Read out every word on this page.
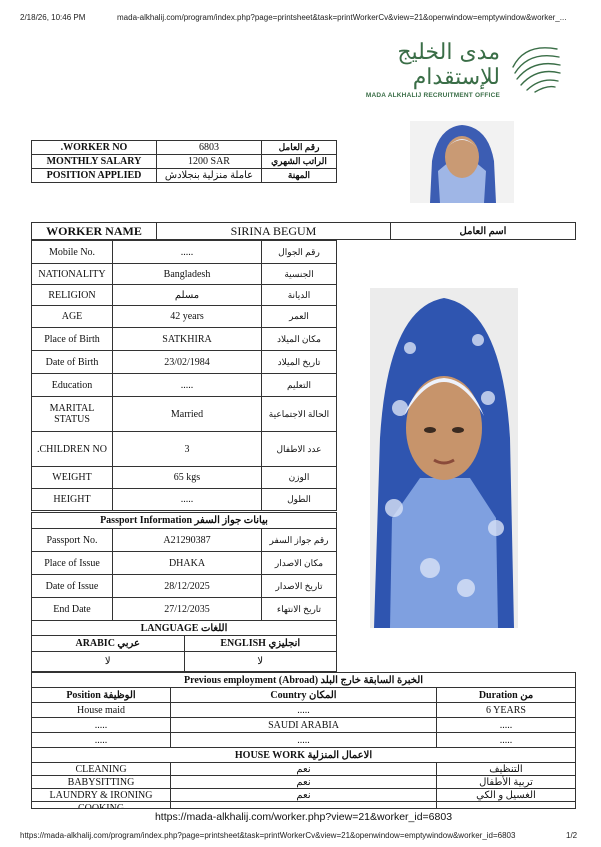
2/18/26, 10:46 PM	mada-alkhalij.com/program/index.php?page=printsheet&task=printWorkerCv&view=21&openwindow=emptywindow&worker_...
مدى الخليج للإستقدام
MADA ALKHALIJ RECRUITMENT OFFICE
.WORKER NO	6803	رقم العامل
MONTHLY SALARY	1200 SAR	الراتب الشهري
POSITION APPLIED	عاملة منزلية بنجلادش	المهنة
WORKER NAME	SIRINA BEGUM	اسم العامل
Mobile No.	.....	رقم الجوال
NATIONALITY	Bangladesh	الجنسية
RELIGION	مسلم	الديانة
AGE	42 years	العمر
Place of Birth	SATKHIRA	مكان الميلاد
Date of Birth	23/02/1984	تاريخ الميلاد
Education	.....	التعليم
MARITAL STATUS	Married	الحالة الاجتماعية
.CHILDREN NO	3	عدد الاطفال
WEIGHT	65 kgs	الوزن
HEIGHT	.....	الطول
Passport Information بيانات جواز السفر		
Passport No.	A21290387	رقم جواز السفر
Place of Issue	DHAKA	مكان الاصدار
Date of Issue	28/12/2025	تاريخ الاصدار
End Date	27/12/2035	تاريخ الانتهاء
LANGUAGE اللغات	
ARABIC عربي	ENGLISH انجليزي
لا	لا
Previous employment (Abroad) الخبرة السابقة خارج البلد		
Position الوظيفة	Country المكان	Duration من
House maid	.....	6 YEARS
.....	SAUDI ARABIA	.....
.....	.....	.....
HOUSE WORK الاعمال المنزلية		
CLEANING	نعم	التنظيف
BABYSITTING	نعم	تربية الأطفال
LAUNDRY & IRONING	نعم	الغسيل و الكي

https://mada-alkhalij.com/worker.php?view=21&worker_id=6803
https://mada-alkhalij.com/program/index.php?page=printsheet&task=printWorkerCv&view=21&openwindow=emptywindow&worker_id=6803	1/2
